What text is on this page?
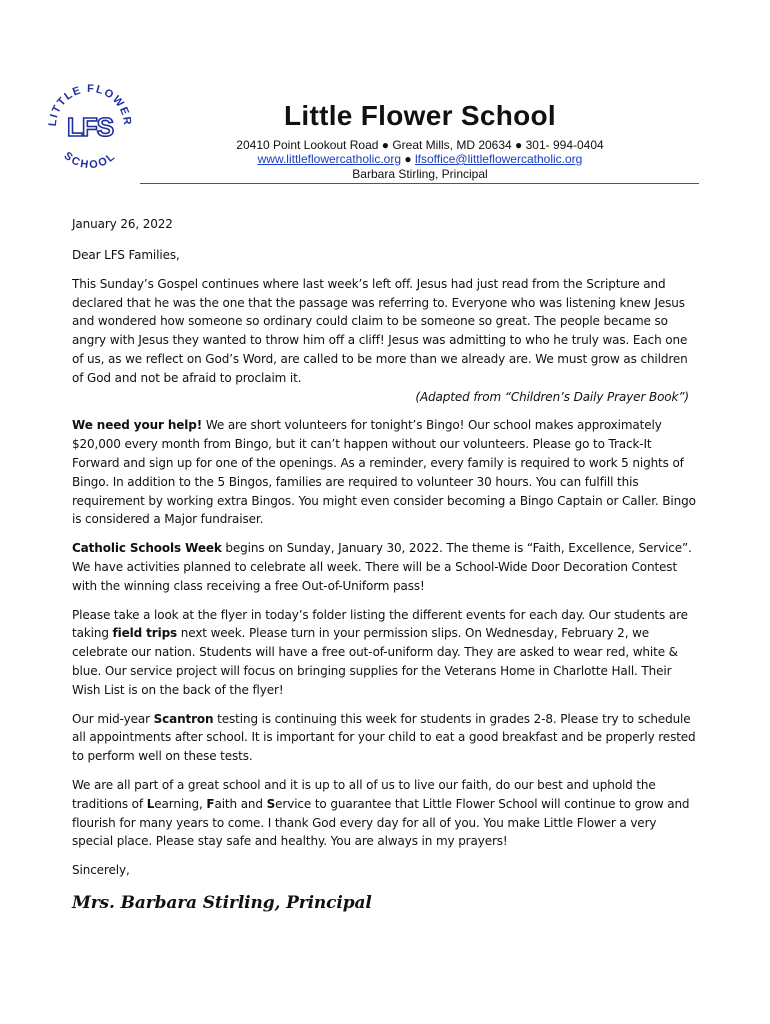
LITTLE FLOWER
SCHOOL
LFS	Little Flower School
20410 Point Lookout Road ● Great Mills, MD 20634 ● 301- 994-0404
www.littleflowercatholic.org ● lfsoffice@littleflowercatholic.org
Barbara Stirling, Principal
January 26, 2022

Dear LFS Families,

This Sunday’s Gospel continues where last week’s left off. Jesus had just read from the Scripture and declared that he was the one that the passage was referring to. Everyone who was listening knew Jesus and wondered how someone so ordinary could claim to be someone so great. The people became so angry with Jesus they wanted to throw him off a cliff! Jesus was admitting to who he truly was. Each one of us, as we reflect on God’s Word, are called to be more than we already are. We must grow as children of God and not be afraid to proclaim it.

(Adapted from “Children’s Daily Prayer Book”)

We need your help! We are short volunteers for tonight’s Bingo! Our school makes approximately $20,000 every month from Bingo, but it can’t happen without our volunteers. Please go to Track-It Forward and sign up for one of the openings. As a reminder, every family is required to work 5 nights of Bingo. In addition to the 5 Bingos, families are required to volunteer 30 hours. You can fulfill this requirement by working extra Bingos. You might even consider becoming a Bingo Captain or Caller. Bingo is considered a Major fundraiser.

Catholic Schools Week begins on Sunday, January 30, 2022. The theme is “Faith, Excellence, Service”. We have activities planned to celebrate all week. There will be a School-Wide Door Decoration Contest with the winning class receiving a free Out-of-Uniform pass!

Please take a look at the flyer in today’s folder listing the different events for each day. Our students are taking field trips next week. Please turn in your permission slips. On Wednesday, February 2, we celebrate our nation. Students will have a free out-of-uniform day. They are asked to wear red, white & blue. Our service project will focus on bringing supplies for the Veterans Home in Charlotte Hall. Their Wish List is on the back of the flyer!

Our mid-year Scantron testing is continuing this week for students in grades 2-8. Please try to schedule all appointments after school. It is important for your child to eat a good breakfast and be properly rested to perform well on these tests.

We are all part of a great school and it is up to all of us to live our faith, do our best and uphold the traditions of Learning, Faith and Service to guarantee that Little Flower School will continue to grow and flourish for many years to come. I thank God every day for all of you. You make Little Flower a very special place. Please stay safe and healthy. You are always in my prayers!

Sincerely,

Mrs. Barbara Stirling, Principal
